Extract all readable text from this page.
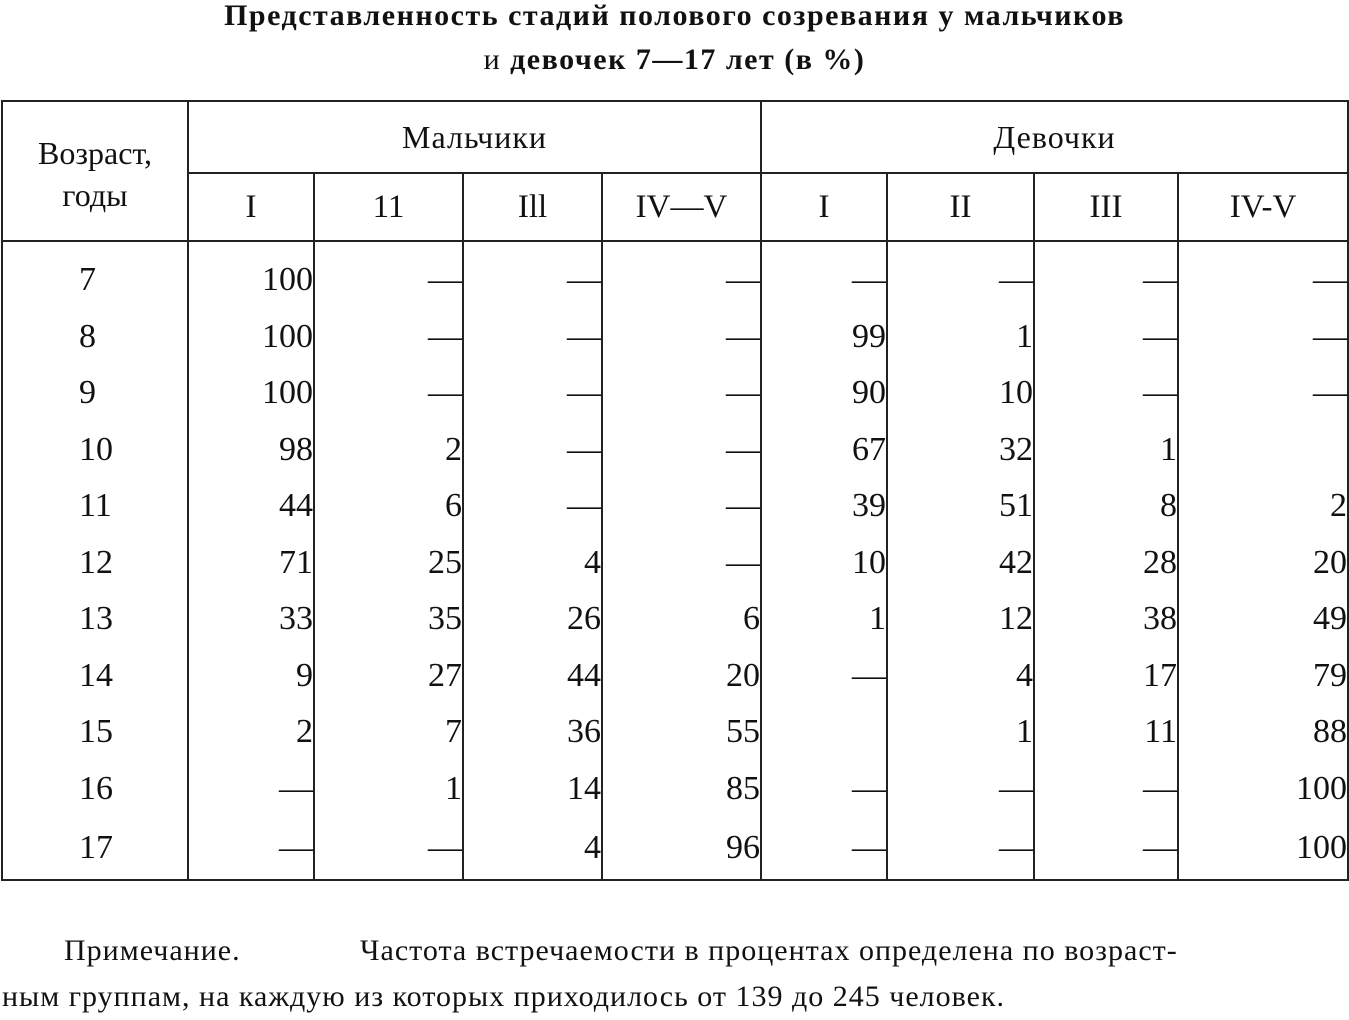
Представленность стадий полового созревания у мальчиков
и девочек 7—17 лет (в %)
Возраст, годы	Мальчики				Девочки			
	I	11	Ill	IV—V	I	II	III	IV-V
7	100	—	—	—	—	—	—	—
8	100	—	—	—	99	1	—	—
9	100	—	—	—	90	10	—	—
10	98	2	—	—	67	32	1	
11	44	6	—	—	39	51	8	2
12	71	25	4	—	10	42	28	20
13	33	35	26	6	1	12	38	49
14	9	27	44	20	—	4	17	79
15	2	7	36	55		1	11	88
16	—	1	14	85	—	—	—	100
17	—	—	4	96	—	—	—	100
Примечание.	Частота встречаемости в процентах определена по возраст-
ным группам, на каждую из которых приходилось от 139 до 245 человек.
